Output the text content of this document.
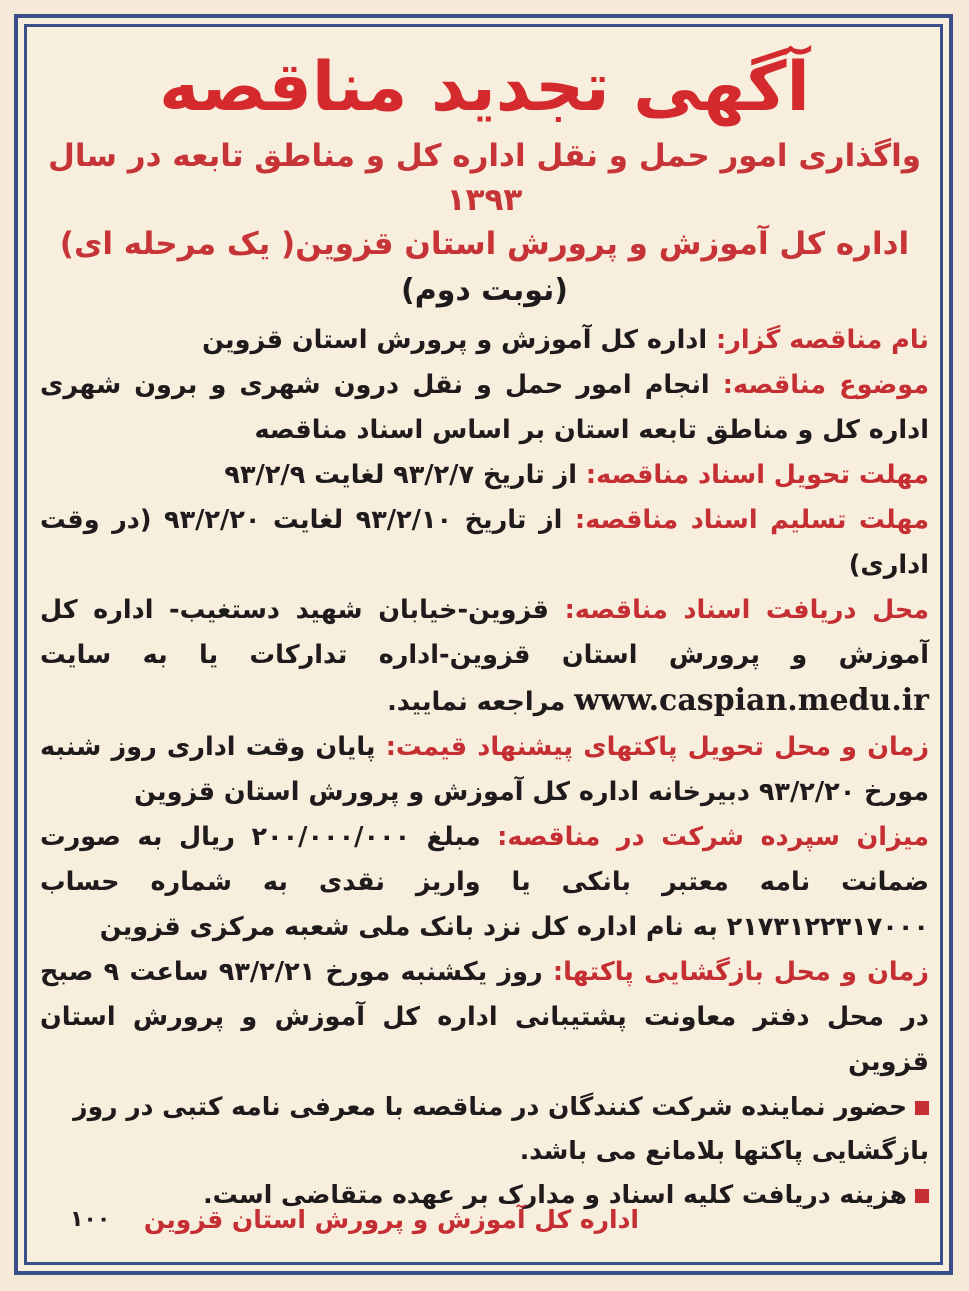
آگهی تجدید مناقصه
واگذاری امور حمل و نقل اداره کل و مناطق تابعه در سال ۱۳۹۳
اداره کل آموزش و پرورش استان قزوین( یک مرحله ای)
(نوبت دوم)

نام مناقصه گزار: اداره کل آموزش و پرورش استان قزوین

موضوع مناقصه: انجام امور حمل و نقل درون شهری و برون شهری اداره کل و مناطق تابعه استان بر اساس اسناد مناقصه

مهلت تحویل اسناد مناقصه: از تاریخ ۹۳/۲/۷ لغایت ۹۳/۲/۹

مهلت تسلیم اسناد مناقصه: از تاریخ ۹۳/۲/۱۰ لغایت ۹۳/۲/۲۰ (در وقت اداری)

محل دریافت اسناد مناقصه: قزوین-خیابان شهید دستغیب- اداره کل آموزش و پرورش استان قزوین-اداره تدارکات یا به سایت www.caspian.medu.ir مراجعه نمایید.

زمان و محل تحویل پاکتهای پیشنهاد قیمت: پایان وقت اداری روز شنبه مورخ ۹۳/۲/۲۰ دبیرخانه اداره کل آموزش و پرورش استان قزوین

میزان سپرده شرکت در مناقصه: مبلغ ۲۰۰/۰۰۰/۰۰۰ ریال به صورت ضمانت نامه معتبر بانکی یا واریز نقدی به شماره حساب ۲۱۷۳۱۲۲۳۱۷۰۰۰ به نام اداره کل نزد بانک ملی شعبه مرکزی قزوین

زمان و محل بازگشایی پاکتها: روز یکشنبه مورخ ۹۳/۲/۲۱ ساعت ۹ صبح در محل دفتر معاونت پشتیبانی اداره کل آموزش و پرورش استان قزوین

حضور نماینده شرکت کنندگان در مناقصه با معرفی نامه کتبی در روز بازگشایی پاکتها بلامانع می باشد.

هزینه دریافت کلیه اسناد و مدارک بر عهده متقاضی است.

اداره کل آموزش و پرورش استان قزوین
۱۰۰
